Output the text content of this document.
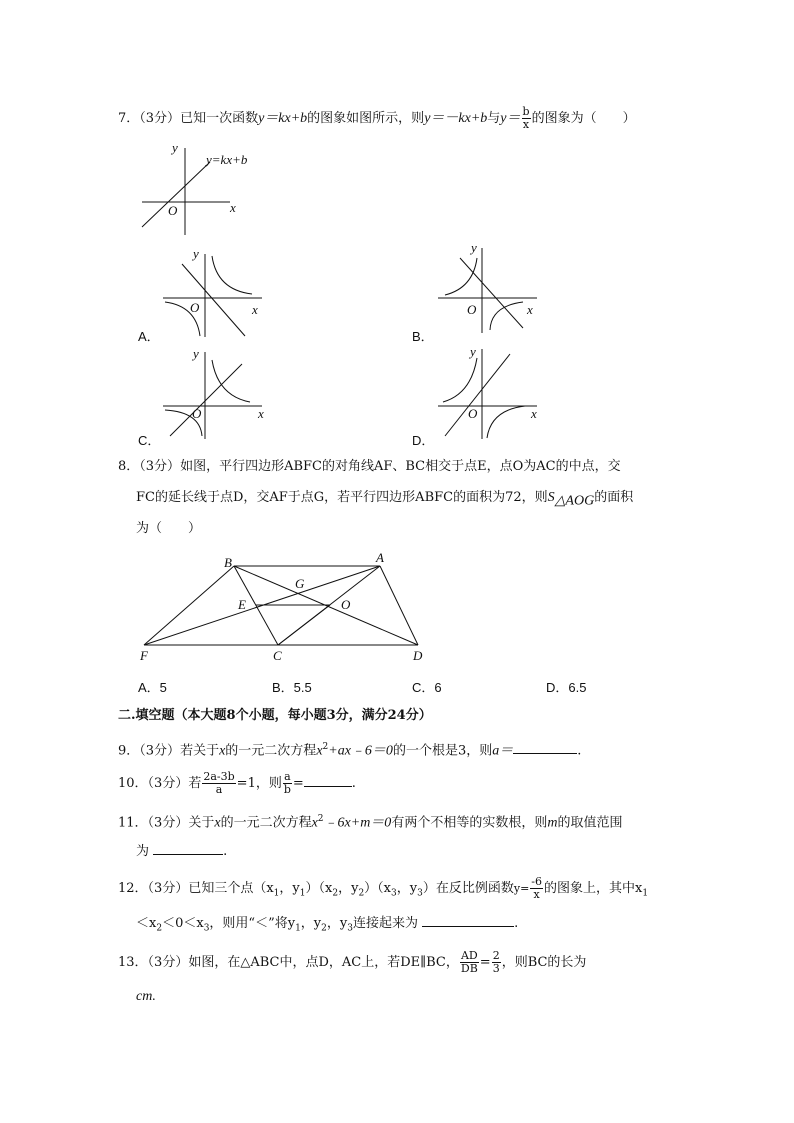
7．（3分）已知一次函数y＝kx+b的图象如图所示，则y＝－kx+b与$y= \frac{b}{x}$ 的图象为（　　）
y
y=kx+b
O	x
y
O	x
A．
y
O	x
B．
y
O	x
C．
y
O	x
D．
8．（3分）如图，平行四边形ABFC的对角线AF、BC相交于点E，点O为AC的中点，交
FC的延长线于点D，交AF于点G，若平行四边形ABFC的面积为72，则$S_{\triangle AOG}$的面积
为（　　）
B	A
G
E	O
F	C	D
A．5	B．5.5	C．6	D．6.5
二.填空题（本大题8个小题，每小题3分，满分24分）
9．（3分）若关于x的一元二次方程$x^2+ax﹣6=0$的一个根是3，则a＝	.
10．（3分）若 $\frac{2a-3b}{a} =1$，则 $\frac{a}{b}$ =	.
11．（3分）关于x的一元二次方程$x^2﹣6x+m=0$有两个不相等的实数根，则m的取值范围
为	.
12．（3分）已知三个点（$x_1$，$y_1)(x_2$，$y_2)(x_3$，$y_3$）在反比例函数$y= \frac{-6}{x}$ 的图象上，其中$x_1$
$<x_2<0<x_3$，则用“＜”将$y_1$，$y_2$，$y_3$连接起来为	.
13．（3分）如图，在△ABC中，点D，AC上，若DE∥BC， $\frac{AD}{DB} = \frac{2}{3}$ ，则BC的长为
cm.
